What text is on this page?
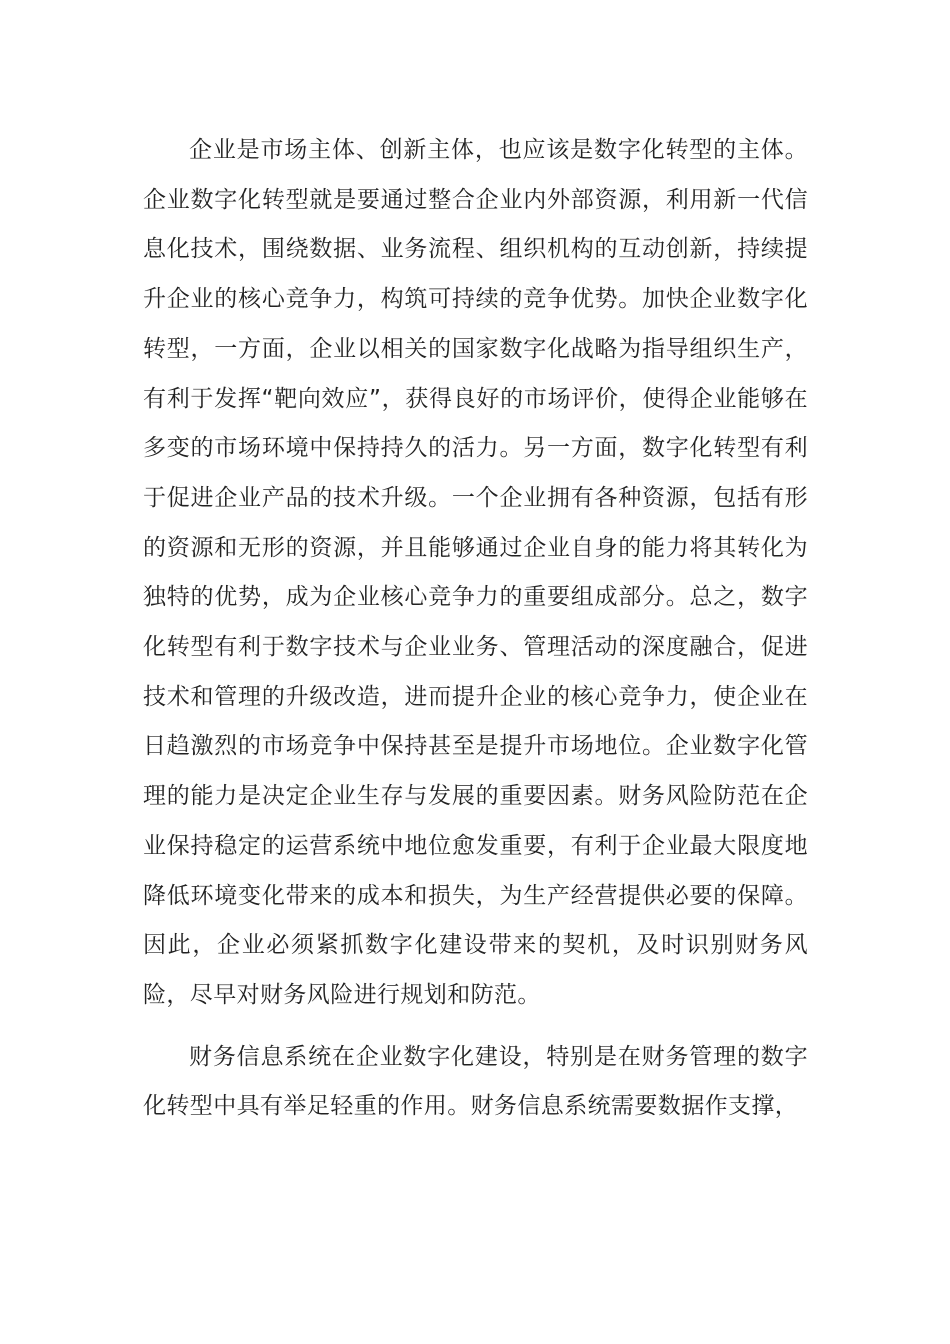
企业是市场主体、创新主体，也应该是数字化转型的主体。企业数字化转型就是要通过整合企业内外部资源，利用新一代信息化技术，围绕数据、业务流程、组织机构的互动创新，持续提升企业的核心竞争力，构筑可持续的竞争优势。加快企业数字化转型，一方面，企业以相关的国家数字化战略为指导组织生产，有利于发挥“靶向效应”，获得良好的市场评价，使得企业能够在多变的市场环境中保持持久的活力。另一方面，数字化转型有利于促进企业产品的技术升级。一个企业拥有各种资源，包括有形的资源和无形的资源，并且能够通过企业自身的能力将其转化为独特的优势，成为企业核心竞争力的重要组成部分。总之，数字化转型有利于数字技术与企业业务、管理活动的深度融合，促进技术和管理的升级改造，进而提升企业的核心竞争力，使企业在日趋激烈的市场竞争中保持甚至是提升市场地位。企业数字化管理的能力是决定企业生存与发展的重要因素。财务风险防范在企业保持稳定的运营系统中地位愈发重要，有利于企业最大限度地降低环境变化带来的成本和损失，为生产经营提供必要的保障。因此，企业必须紧抓数字化建设带来的契机，及时识别财务风险，尽早对财务风险进行规划和防范。

财务信息系统在企业数字化建设，特别是在财务管理的数字化转型中具有举足轻重的作用。财务信息系统需要数据作支撑，
